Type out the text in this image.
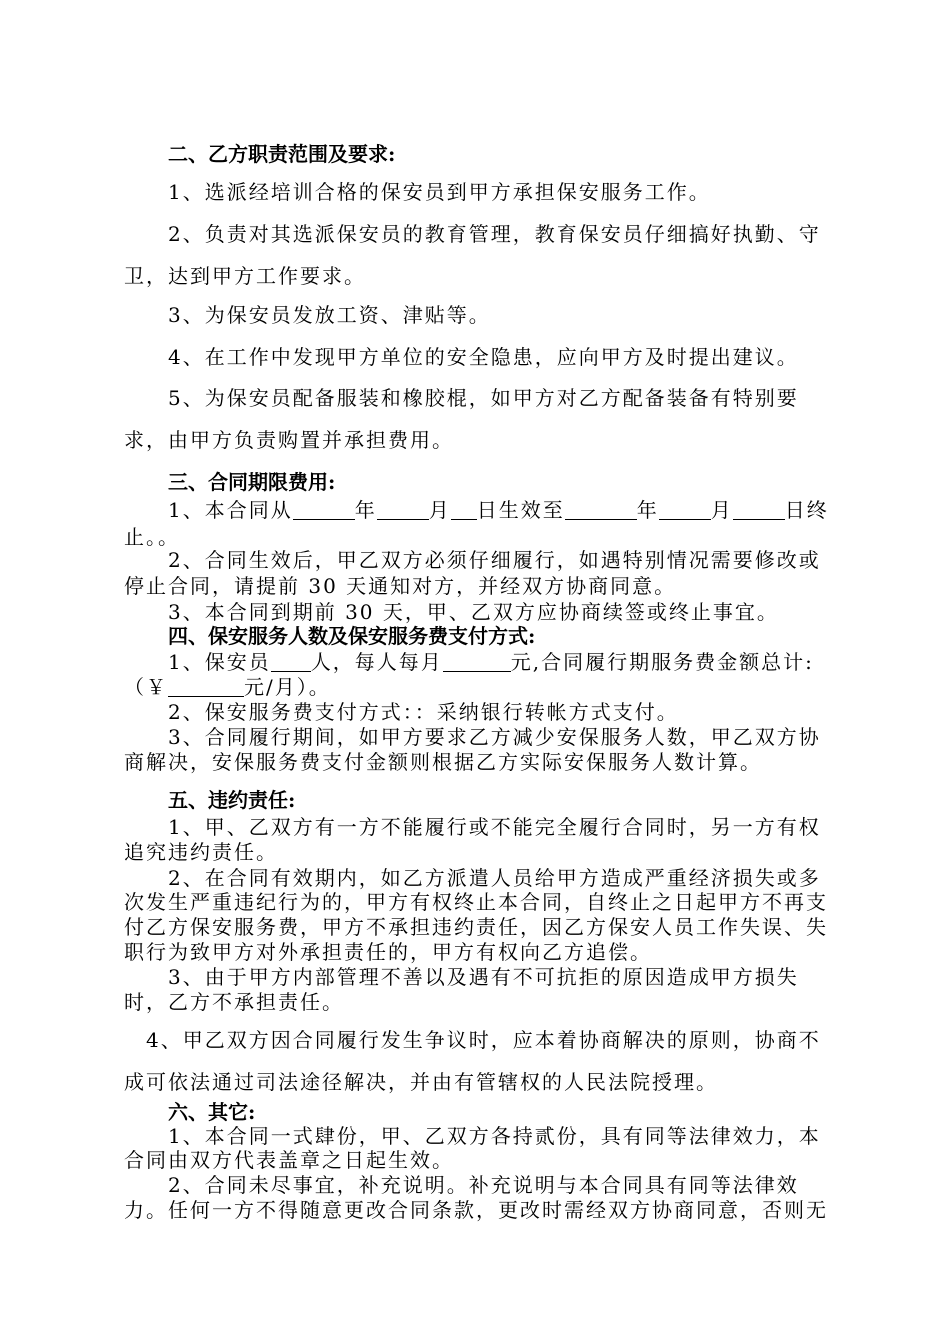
二、乙方职责范围及要求:
1、选派经培训合格的保安员到甲方承担保安服务工作。
2、负责对其选派保安员的教育管理，教育保安员仔细搞好执勤、守
卫，达到甲方工作要求。
3、为保安员发放工资、津贴等。
4、在工作中发现甲方单位的安全隐患，应向甲方及时提出建议。
5、为保安员配备服装和橡胶棍，如甲方对乙方配备装备有特别要
求，由甲方负责购置并承担费用。
三、合同期限费用:
1、本合同从	年	月 日生效至	年	月	日终
止。。
2、合同生效后，甲乙双方必须仔细履行，如遇特别情况需要修改或
停止合同，请提前 30 天通知对方，并经双方协商同意。
3、本合同到期前 30 天，甲、乙双方应协商续签或终止事宜。
四、保安服务人数及保安服务费支付方式:
1、保安员 人，每人每月	元,合同履行期服务费金额总计:
（￥	元/月）。
2、保安服务费支付方式：：采纳银行转帐方式支付。
3、合同履行期间，如甲方要求乙方减少安保服务人数，甲乙双方协
商解决，安保服务费支付金额则根据乙方实际安保服务人数计算。
五、违约责任:
1、甲、乙双方有一方不能履行或不能完全履行合同时，另一方有权
追究违约责任。
2、在合同有效期内，如乙方派遣人员给甲方造成严重经济损失或多
次发生严重违纪行为的，甲方有权终止本合同，自终止之日起甲方不再支
付乙方保安服务费，甲方不承担违约责任，因乙方保安人员工作失误、失
职行为致甲方对外承担责任的，甲方有权向乙方追偿。
3、由于甲方内部管理不善以及遇有不可抗拒的原因造成甲方损失
时，乙方不承担责任。
4、甲乙双方因合同履行发生争议时，应本着协商解决的原则，协商不
成可依法通过司法途径解决，并由有管辖权的人民法院授理。
六、其它:
1、本合同一式肆份，甲、乙双方各持贰份，具有同等法律效力，本
合同由双方代表盖章之日起生效。
2、合同未尽事宜，补充说明。补充说明与本合同具有同等法律效
力。任何一方不得随意更改合同条款，更改时需经双方协商同意，否则无
